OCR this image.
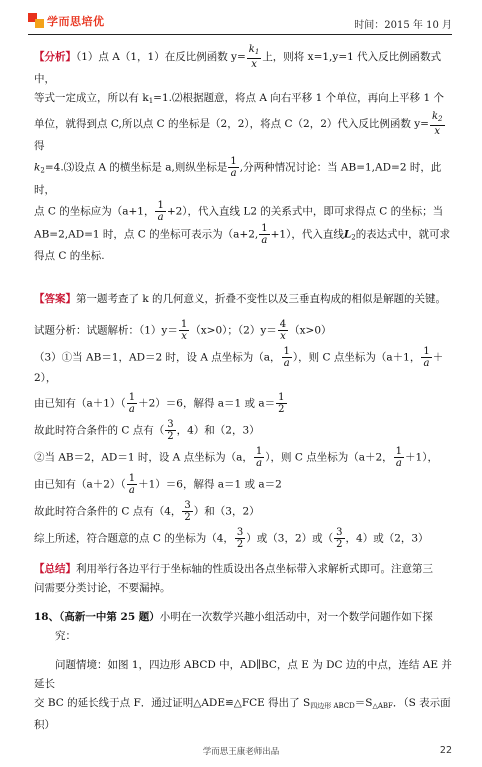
学而思培优	时间：2015 年 10 月

【分析】（1）点 A（1，1）在反比例函数 $y= \frac{k_1}{x}$ 上，则将 x=1,y=1 代入反比例函数式中，

等式一定成立，所以有 $k_1=1.⑵$根据题意，将点 A 向右平移 1 个单位，再向上平移 1 个

单位，就得到点 C,所以点 C 的坐标是（2，2），将点 C（2，2）代入反比例函数 $y= \frac{k_2}{x}$
得

$k_2=4.⑶$设点 A 的横坐标是 a,则纵坐标是 $\frac{1}{a}$ ,分两种情况讨论：当 AB=1,AD=2 时，此时，

点 C 的坐标应为（a+1， $\frac{1}{a} +2$），代入直线 L2 的关系式中，即可求得点 C 的坐标；当

AB=2,AD=1 时，点 C 的坐标可表示为（a+2, $\frac{1}{a} +1$），代入直线$L_2$的表达式中，就可求

得点 C 的坐标.

【答案】第一题考查了 k 的几何意义，折叠不变性以及三垂直构成的相似是解题的关键。

试题分析：试题解析：$(1)y= \frac{1}{x} (x>0)$；$(2)y= \frac{4}{x} (x>0)$

（3）①当 AB＝1，AD＝2 时，设 A 点坐标为（a， $\frac{1}{a}$ ），则 C 点坐标为（a＋1， $\frac{1}{a} +2$），

由已知有$(a+1)( \frac{1}{a} +2)=6$，解得 a＝1 或 $a= \frac{1}{2}$

故此时符合条件的 C 点有（ $\frac{3}{2}$ ，4）和（2，3）

②当 AB＝2，AD＝1 时，设 A 点坐标为（a， $\frac{1}{a}$ ），则 C 点坐标为（a＋2， $\frac{1}{a} +1$），

由已知有$(a+2)( \frac{1}{a} +1)=6$，解得 a＝1 或 a＝2

故此时符合条件的 C 点有（4， $\frac{3}{2}$ ）和（3，2）

综上所述，符合题意的点 C 的坐标为（4， $\frac{3}{2}$ ）或（3，2）或（ $\frac{3}{2}$ ，4）或（2，3）

【总结】利用举行各边平行于坐标轴的性质设出各点坐标带入求解析式即可。注意第三

问需要分类讨论，不要漏掉。

18、（高新一中第 25 题）小明在一次数学兴趣小组活动中，对一个数学问题作如下探

究：

问题情境：如图 1，四边形 ABCD 中，AD∥BC，点 E 为 DC 边的中点，连结 AE 并延长

交 BC 的延长线于点 F．通过证明△ADE≌△FCE 得出了 $S_{四边形 ABCD}=S_{\triangle ABF}$．（S 表示面积）

学而思王康老师出品	22
